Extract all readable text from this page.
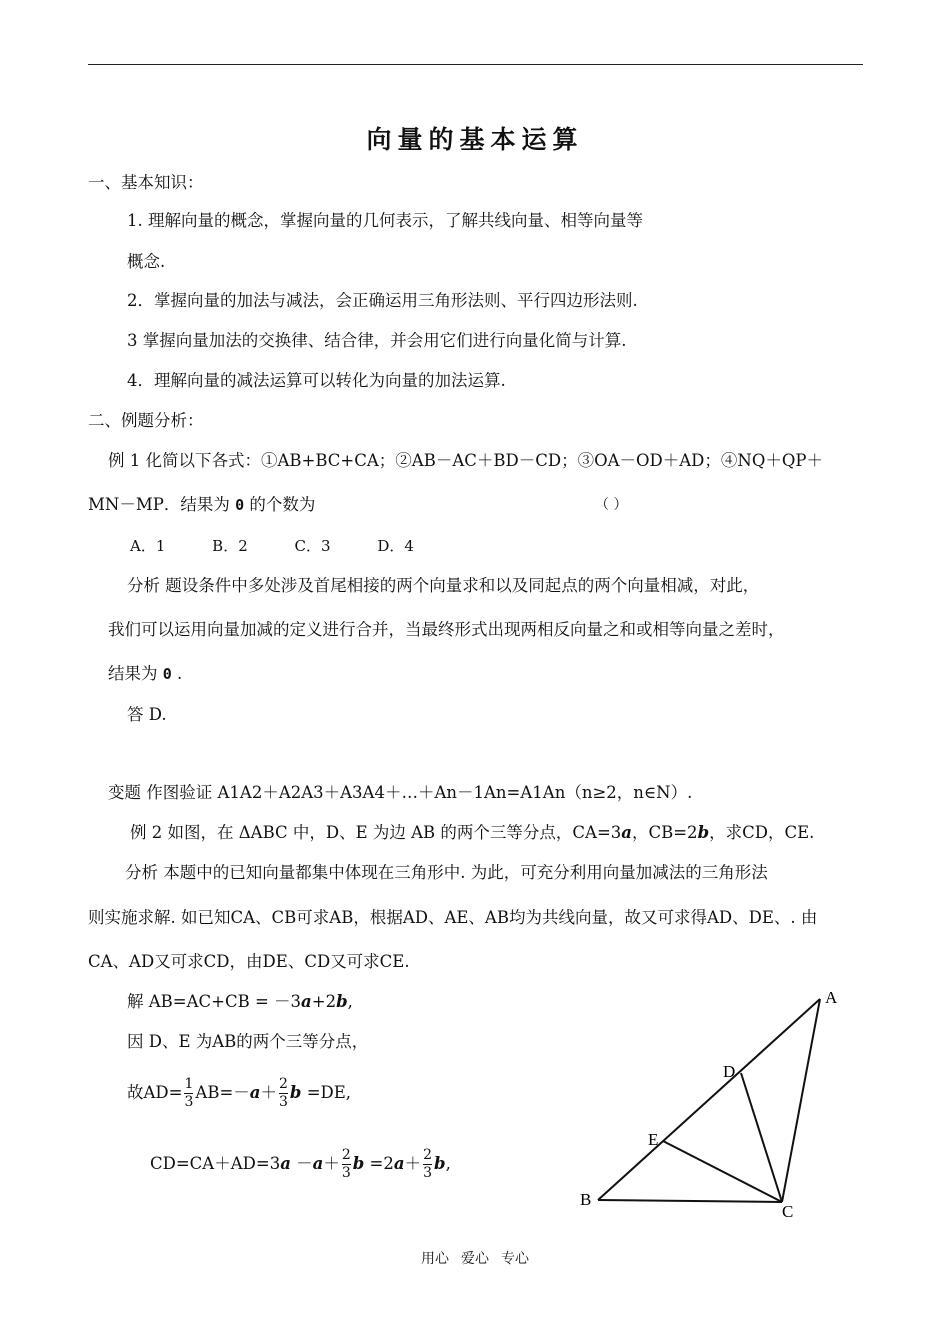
向量的基本运算
一、基本知识：
1. 理解向量的概念，掌握向量的几何表示，了解共线向量、相等向量等
概念.
2．掌握向量的加法与减法，会正确运用三角形法则、平行四边形法则.
3 掌握向量加法的交换律、结合律，并会用它们进行向量化简与计算.
4．理解向量的减法运算可以转化为向量的加法运算.
二、例题分析：
例 1 化简以下各式：①AB+BC+CA；②AB－AC＋BD－CD；③OA－OD＋AD；④NQ＋QP＋
MN－MP．结果为 0 的个数为	（ ）
A．1	B．2	C．3	D．4
分析 题设条件中多处涉及首尾相接的两个向量求和以及同起点的两个向量相减，对此，
我们可以运用向量加减的定义进行合并，当最终形式出现两相反向量之和或相等向量之差时，
结果为 0 .
答 D.
变题 作图验证 A1A2＋A2A3＋A3A4＋…＋An－1An=A1An（n≥2，n∈N）.
例 2 如图，在 ΔABC 中，D、E 为边 AB 的两个三等分点，CA=3a，CB=2b，求CD，CE.
分析 本题中的已知向量都集中体现在三角形中. 为此，可充分利用向量加减法的三角形法
则实施求解. 如已知CA、CB可求AB，根据AD、AE、AB均为共线向量，故又可求得AD、DE、. 由
CA、AD又可求CD，由DE、CD又可求CE.
解 AB=AC+CB = －3a+2b,
因 D、E 为AB的两个三等分点，
故$AD= \frac{1}{3} AB=-a+ \frac{2}{3}$ b =DE,
$CD=CA+AD=3a -a+ \frac{2}{3}$ $b =2a+ \frac{2}{3} b$,
A
B
C
D
E
用心 爱心 专心
